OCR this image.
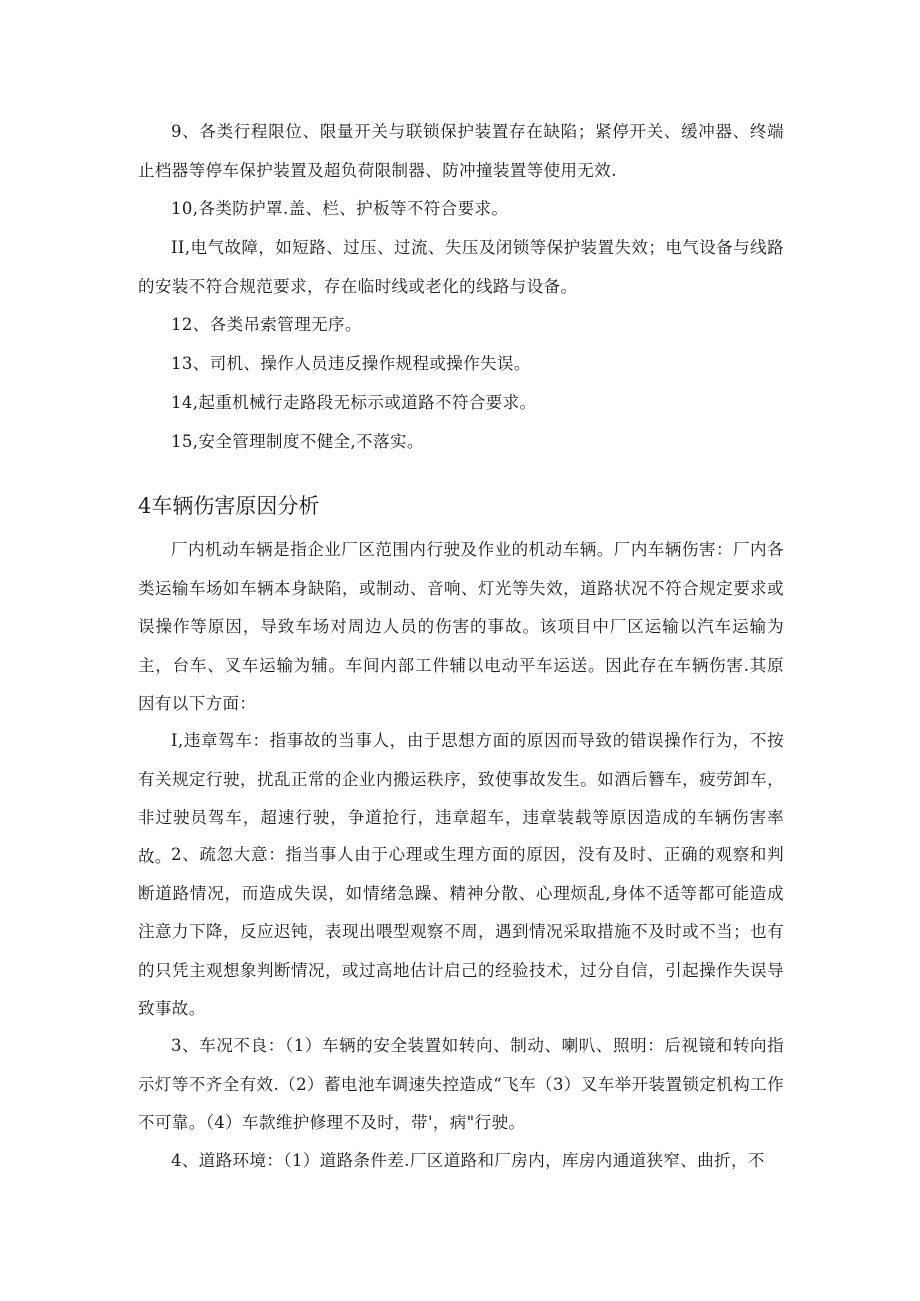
9、各类行程限位、限量开关与联锁保护装置存在缺陷；紧停开关、缓冲器、终端止档器等停车保护装置及超负荷限制器、防冲撞装置等使用无效.

10,各类防护罩.盖、栏、护板等不符合要求。

II,电气故障，如短路、过压、过流、失压及闭锁等保护装置失效；电气设备与线路的安装不符合规范要求，存在临时线或老化的线路与设备。

12、各类吊索管理无序。

13、司机、操作人员违反操作规程或操作失误。

14,起重机械行走路段无标示或道路不符合要求。

15,安全管理制度不健全,不落实。

4车辆伤害原因分析

厂内机动车辆是指企业厂区范围内行驶及作业的机动车辆。厂内车辆伤害：厂内各类运输车场如车辆本身缺陷，或制动、音响、灯光等失效，道路状况不符合规定要求或误操作等原因，导致车场对周边人员的伤害的事故。该项目中厂区运输以汽车运输为主，台车、叉车运输为辅。车间内部工件辅以电动平车运送。因此存在车辆伤害.其原因有以下方面：

I,违章驾车：指事故的当事人，由于思想方面的原因而导致的错误操作行为，不按有关规定行驶，扰乱正常的企业内搬运秩序，致使事故发生。如酒后簪车，疲劳卸车，非过驶员驾车，超速行驶，争道抢行，违章超车，违章装载等原因造成的车辆伤害率故。 2、疏忽大意：指当事人由于心理或生理方面的原因，没有及时、正确的观察和判断道路情况，而造成失误，如情绪急躁、精神分散、心理烦乱,身体不适等都可能造成注意力下降，反应迟钝，表现出喂型观察不周，遇到情况采取措施不及时或不当；也有的只凭主观想象判断情况，或过高地估计启己的经验技术，过分自信，引起操作失误导致事故。

3、车况不良：（1）车辆的安全装置如转向、制动、喇叭、照明：后视镜和转向指示灯等不齐全有效.（2）蓄电池车调速失控造成“飞车（3）叉车举开装置锁定机构工作不可靠。（4）车款维护修理不及时，带'，病"行驶。

4、道路环境：（1）道路条件差.厂区道路和厂房内，库房内通道狭窄、曲折，不
